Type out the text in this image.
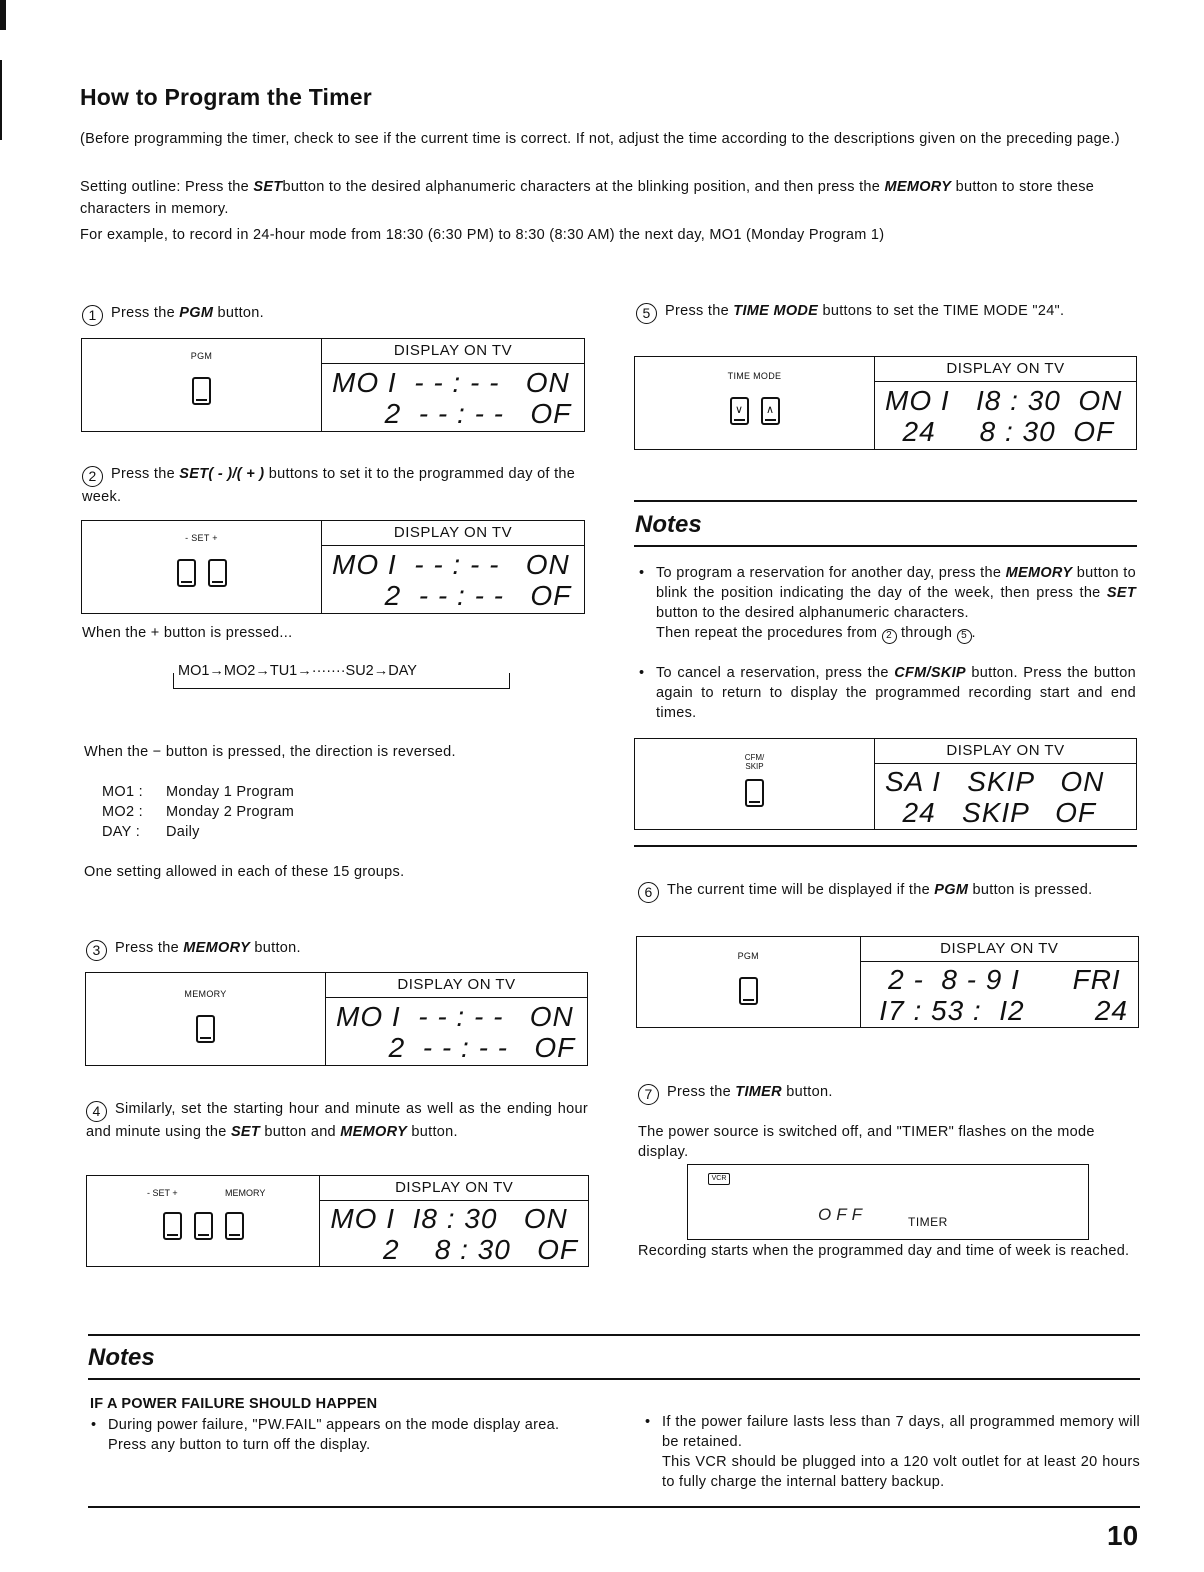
How to Program the Timer
(Before programming the timer, check to see if the current time is correct. If not, adjust the time according to the descriptions given on the preceding page.)
Setting outline: Press the SETbutton to the desired alphanumeric characters at the blinking position, and then press the MEMORY button to store these characters in memory.
For example, to record in 24-hour mode from 18:30 (6:30 PM) to 8:30 (8:30 AM) the next day, MO1 (Monday Program 1)
1 Press the PGM button.
PGM	DISPLAY ON TV
MO I  - - : - -   ON
2  - - : - -   OF
2 Press the SET( - )/( + ) buttons to set it to the programmed day of the week.
- SET +	DISPLAY ON TV
MO I  - - : - -   ON
2  - - : - -   OF
When the + button is pressed...
MO1→MO2→TU1→·······SU2→DAY
When the − button is pressed, the direction is reversed.
MO1 : Monday 1 Program
MO2 : Monday 2 Program
DAY : Daily
One setting allowed in each of these 15 groups.
3 Press the MEMORY button.
MEMORY
DISPLAY ON TV
MO I  - - : - -   ON
2  - - : - -   OF
4 Similarly, set the starting hour and minute as well as the ending hour and minute using the SET button and MEMORY button.
- SET +	MEMORY	DISPLAY ON TV
MO I  I8 : 30   ON
2    8 : 30   OF
5 Press the TIME MODE buttons to set the TIME MODE "24".
TIME MODE
∨	∧
DISPLAY ON TV
MO I   I8 : 30  ON
24     8 : 30  OF
Notes
• To program a reservation for another day, press the MEMORY button to blink the position indicating the day of the week, then press the SET button to the desired alphanumeric characters.
Then repeat the procedures from 2 through 5 .
• To cancel a reservation, press the CFM/SKIP button. Press the button again to return to display the programmed recording start and end times.
CFM/
SKIP
DISPLAY ON TV
SA I   SKIP   ON
24   SKIP   OF
6 The current time will be displayed if the PGM button is pressed.
PGM	DISPLAY ON TV
2 -  8 - 9 I      FRI
I7 : 53 :  I2        24
7 Press the TIMER button.
The power source is switched off, and "TIMER" flashes on the mode display.
VCR
OFF	TIMER
Recording starts when the programmed day and time of week is reached.
Notes
IF A POWER FAILURE SHOULD HAPPEN
• During power failure, "PW.FAIL" appears on the mode display area.
Press any button to turn off the display.
• If the power failure lasts less than 7 days, all programmed memory will be retained.
This VCR should be plugged into a 120 volt outlet for at least 20 hours to fully charge the internal battery backup.
10
